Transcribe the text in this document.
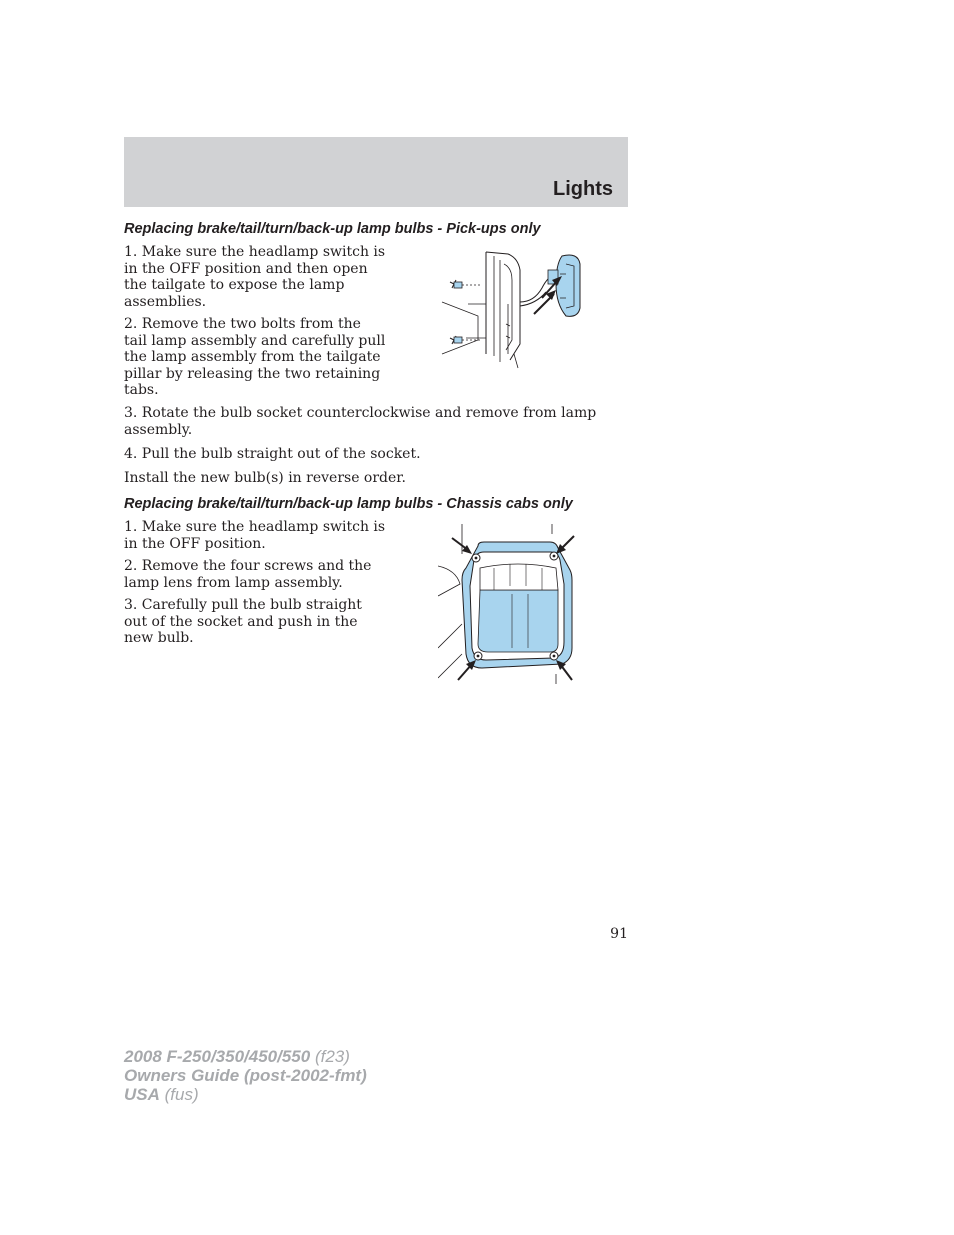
Lights
Replacing brake/tail/turn/back-up lamp bulbs - Pick-ups only

1. Make sure the headlamp switch is in the OFF position and then open the tailgate to expose the lamp assemblies.

2. Remove the two bolts from the tail lamp assembly and carefully pull the lamp assembly from the tailgate pillar by releasing the two retaining tabs.

3. Rotate the bulb socket counterclockwise and remove from lamp assembly.

4. Pull the bulb straight out of the socket.

Install the new bulb(s) in reverse order.

Replacing brake/tail/turn/back-up lamp bulbs - Chassis cabs only

1. Make sure the headlamp switch is in the OFF position.

2. Remove the four screws and the lamp lens from lamp assembly.

3. Carefully pull the bulb straight out of the socket and push in the new bulb.

91
2008 F-250/350/450/550 (f23)
Owners Guide (post-2002-fmt)
USA (fus)
